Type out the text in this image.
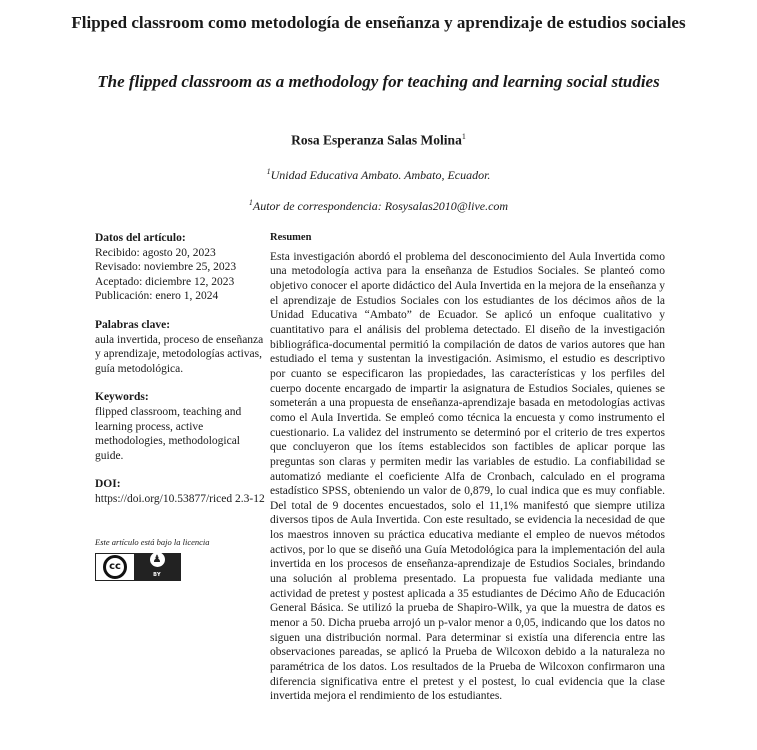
Flipped classroom como metodología de enseñanza y aprendizaje de estudios sociales
The flipped classroom as a methodology for teaching and learning social studies
Rosa Esperanza Salas Molina$^1$
$^1$Unidad Educativa Ambato. Ambato, Ecuador.
$^1$Autor de correspondencia: Rosysalas2010@live.com
Datos del artículo:
Recibido: agosto 20, 2023
Revisado: noviembre 25, 2023
Aceptado: diciembre 12, 2023
Publicación: enero 1, 2024
Palabras clave:
aula invertida, proceso de enseñanza y aprendizaje, metodologías activas, guía metodológica.
Keywords:
flipped classroom, teaching and learning process, active methodologies, methodological guide.
DOI:
https://doi.org/10.53877/riced 2.3-12
Este artículo está bajo la licencia
cc
♟
BY
Resumen

Esta investigación abordó el problema del desconocimiento del Aula Invertida como una metodología activa para la enseñanza de Estudios Sociales. Se planteó como objetivo conocer el aporte didáctico del Aula Invertida en la mejora de la enseñanza y el aprendizaje de Estudios Sociales con los estudiantes de los décimos años de la Unidad Educativa “Ambato” de Ecuador. Se aplicó un enfoque cualitativo y cuantitativo para el análisis del problema detectado. El diseño de la investigación bibliográfica-documental permitió la compilación de datos de varios autores que han estudiado el tema y sustentan la investigación. Asimismo, el estudio es descriptivo por cuanto se especificaron las propiedades, las características y los perfiles del cuerpo docente encargado de impartir la asignatura de Estudios Sociales, quienes se someterán a una propuesta de enseñanza-aprendizaje basada en metodologías activas como el Aula Invertida. Se empleó como técnica la encuesta y como instrumento el cuestionario. La validez del instrumento se determinó por el criterio de tres expertos que concluyeron que los ítems establecidos son factibles de aplicar porque las preguntas son claras y permiten medir las variables de estudio. La confiabilidad se automatizó mediante el coeficiente Alfa de Cronbach, calculado en el programa estadístico SPSS, obteniendo un valor de 0,879, lo cual indica que es muy confiable. Del total de 9 docentes encuestados, solo el 11,1% manifestó que siempre utiliza diversos tipos de Aula Invertida. Con este resultado, se evidencia la necesidad de que los maestros innoven su práctica educativa mediante el empleo de nuevos métodos activos, por lo que se diseñó una Guía Metodológica para la implementación del aula invertida en los procesos de enseñanza-aprendizaje de Estudios Sociales, brindando una solución al problema presentado. La propuesta fue validada mediante una actividad de pretest y postest aplicada a 35 estudiantes de Décimo Año de Educación General Básica. Se utilizó la prueba de Shapiro-Wilk, ya que la muestra de datos es menor a 50. Dicha prueba arrojó un p-valor menor a 0,05, indicando que los datos no siguen una distribución normal. Para determinar si existía una diferencia entre las observaciones pareadas, se aplicó la Prueba de Wilcoxon debido a la naturaleza no paramétrica de los datos. Los resultados de la Prueba de Wilcoxon confirmaron una diferencia significativa entre el pretest y el postest, lo cual evidencia que la clase invertida mejora el rendimiento de los estudiantes.
